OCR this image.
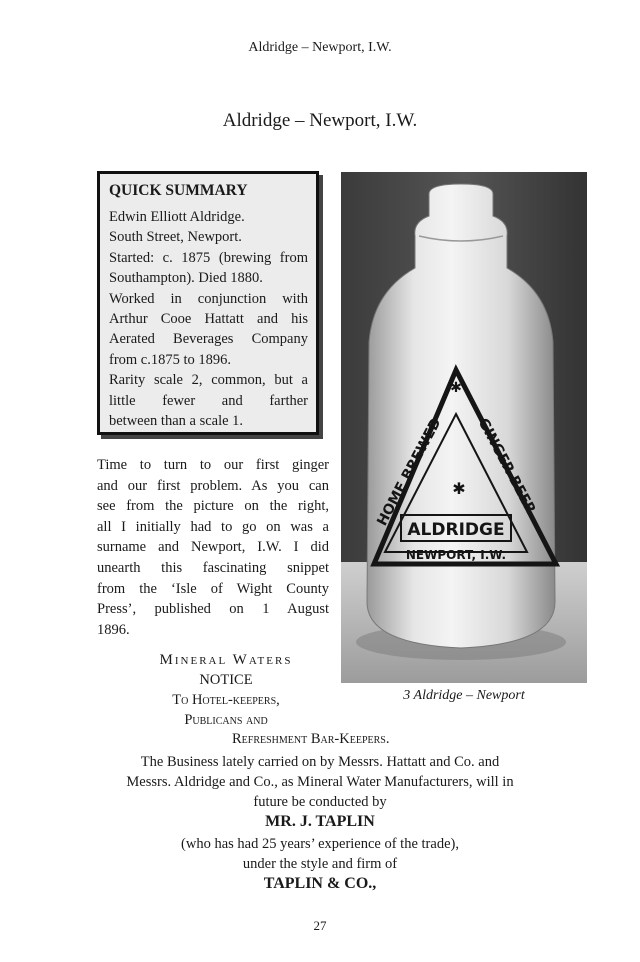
Aldridge – Newport, I.W.
Aldridge – Newport, I.W.
QUICK SUMMARY
Edwin Elliott Aldridge.
South Street, Newport.
Started: c. 1875 (brewing from
Southampton). Died 1880.
Worked in conjunction with
Arthur Cooe Hattatt and his
Aerated Beverages Company
from c.1875 to 1896.
Rarity scale 2, common, but a
little fewer and farther
between than a scale 1.
Time to turn to our first ginger
and our first problem. As you can
see from the picture on the right,
all I initially had to go on was a
surname and Newport, I.W. I did
unearth this fascinating snippet
from the ‘Isle of Wight County
Press’, published on 1 August
1896.
✱
✱
HOME BREWED GINGER BEER
ALDRIDGE
NEWPORT, I.W.
3 Aldridge – Newport
Mineral Waters
NOTICE
To Hotel-keepers,
Publicans and
Refreshment Bar-Keepers.
The Business lately carried on by Messrs. Hattatt and Co. and
Messrs. Aldridge and Co., as Mineral Water Manufacturers, will in
future be conducted by
MR. J. TAPLIN
(who has had 25 years’ experience of the trade),
under the style and firm of
TAPLIN & CO.,
27
